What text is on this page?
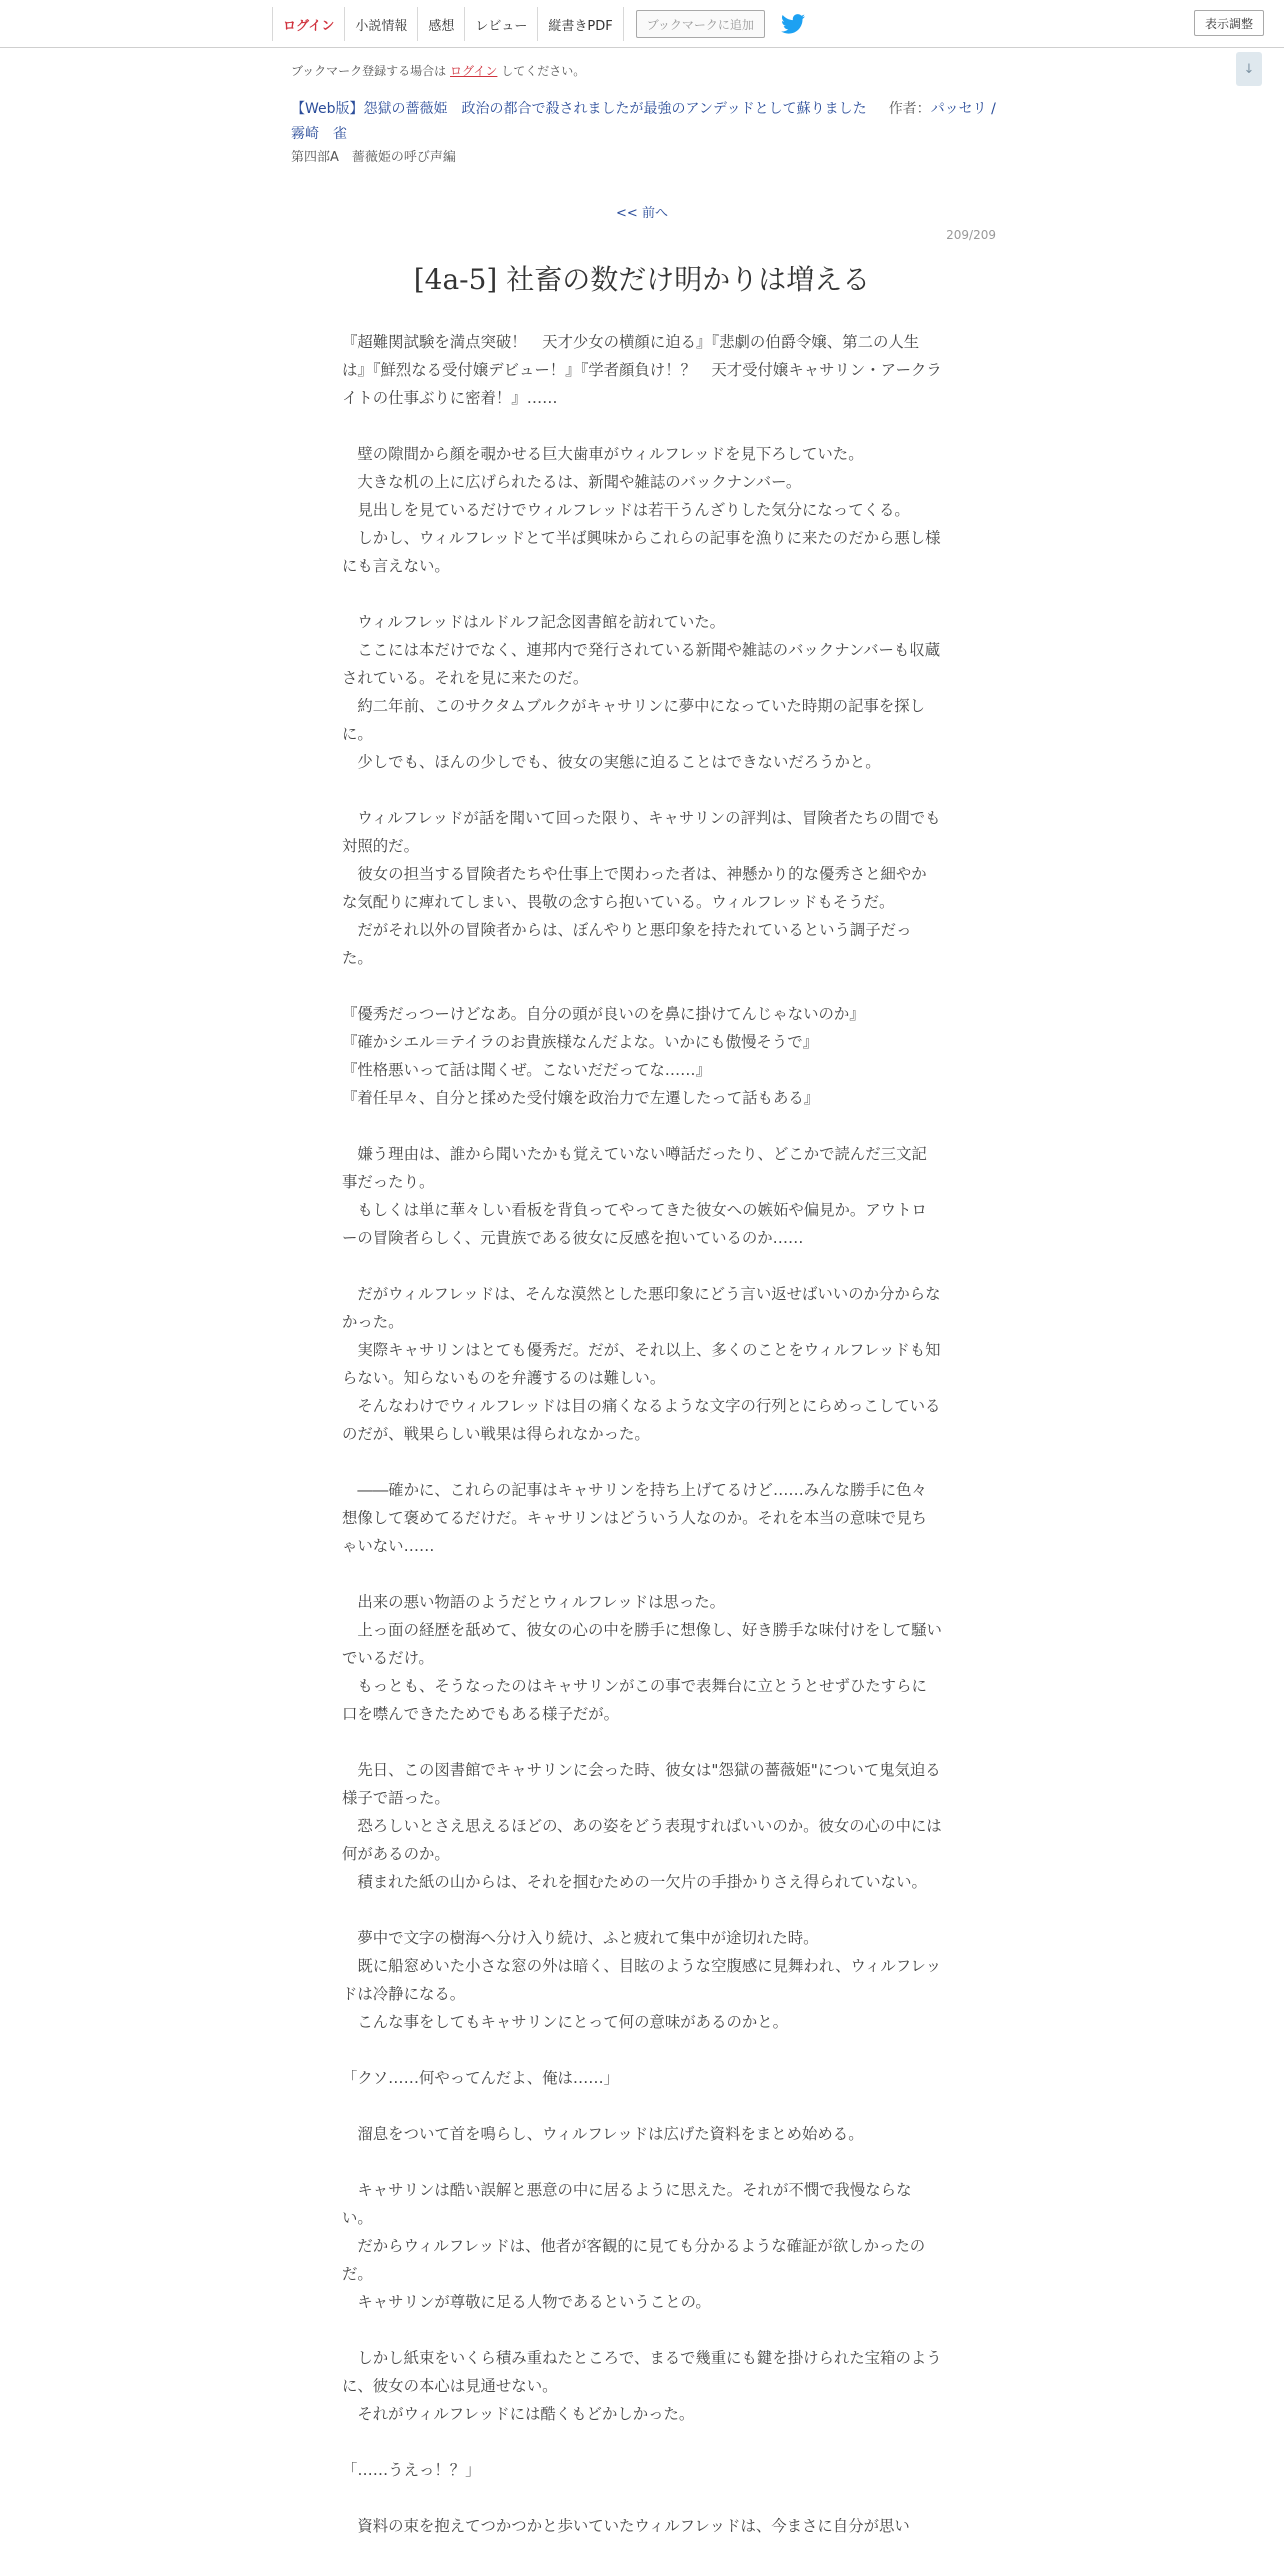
ログイン	小説情報	感想	レビュー	縦書きPDF	ブックマークに追加	表示調整
↓
ブックマーク登録する場合は ログイン してください。
【Web版】怨獄の薔薇姫　政治の都合で殺されましたが最強のアンデッドとして蘇りました 作者：パッセリ / 霧崎　雀
第四部A　薔薇姫の呼び声編
<< 前へ
209/209
[4a-5] 社畜の数だけ明かりは増える

『超難関試験を満点突破！　天才少女の横顔に迫る』『悲劇の伯爵令嬢、第二の人生は』『鮮烈なる受付嬢デビュー！』『学者顔負け！？　天才受付嬢キャサリン・アークライトの仕事ぶりに密着！』……

　壁の隙間から顔を覗かせる巨大歯車がウィルフレッドを見下ろしていた。

　大きな机の上に広げられたるは、新聞や雑誌のバックナンバー。

　見出しを見ているだけでウィルフレッドは若干うんざりした気分になってくる。

　しかし、ウィルフレッドとて半ば興味からこれらの記事を漁りに来たのだから悪し様にも言えない。

　ウィルフレッドはルドルフ記念図書館を訪れていた。

　ここには本だけでなく、連邦内で発行されている新聞や雑誌のバックナンバーも収蔵されている。それを見に来たのだ。

　約二年前、このサクタムブルクがキャサリンに夢中になっていた時期の記事を探しに。

　少しでも、ほんの少しでも、彼女の実態に迫ることはできないだろうかと。

　ウィルフレッドが話を聞いて回った限り、キャサリンの評判は、冒険者たちの間でも対照的だ。

　彼女の担当する冒険者たちや仕事上で関わった者は、神懸かり的な優秀さと細やかな気配りに痺れてしまい、畏敬の念すら抱いている。ウィルフレッドもそうだ。

　だがそれ以外の冒険者からは、ぼんやりと悪印象を持たれているという調子だった。

『優秀だっつーけどなあ。自分の頭が良いのを鼻に掛けてんじゃないのか』

『確かシエル＝テイラのお貴族様なんだよな。いかにも傲慢そうで』

『性格悪いって話は聞くぜ。こないだだってな……』

『着任早々、自分と揉めた受付嬢を政治力で左遷したって話もある』

　嫌う理由は、誰から聞いたかも覚えていない噂話だったり、どこかで読んだ三文記事だったり。

　もしくは単に華々しい看板を背負ってやってきた彼女への嫉妬や偏見か。アウトローの冒険者らしく、元貴族である彼女に反感を抱いているのか……

　だがウィルフレッドは、そんな漠然とした悪印象にどう言い返せばいいのか分からなかった。

　実際キャサリンはとても優秀だ。だが、それ以上、多くのことをウィルフレッドも知らない。知らないものを弁護するのは難しい。

　そんなわけでウィルフレッドは目の痛くなるような文字の行列とにらめっこしているのだが、戦果らしい戦果は得られなかった。

　――確かに、これらの記事はキャサリンを持ち上げてるけど……みんな勝手に色々想像して褒めてるだけだ。キャサリンはどういう人なのか。それを本当の意味で見ちゃいない……

　出来の悪い物語のようだとウィルフレッドは思った。

　上っ面の経歴を舐めて、彼女の心の中を勝手に想像し、好き勝手な味付けをして騒いでいるだけ。

　もっとも、そうなったのはキャサリンがこの事で表舞台に立とうとせずひたすらに口を噤んできたためでもある様子だが。

　先日、この図書館でキャサリンに会った時、彼女は"怨獄の薔薇姫"について鬼気迫る様子で語った。

　恐ろしいとさえ思えるほどの、あの姿をどう表現すればいいのか。彼女の心の中には何があるのか。

　積まれた紙の山からは、それを掴むための一欠片の手掛かりさえ得られていない。

　夢中で文字の樹海へ分け入り続け、ふと疲れて集中が途切れた時。

　既に船窓めいた小さな窓の外は暗く、目眩のような空腹感に見舞われ、ウィルフレッドは冷静になる。

　こんな事をしてもキャサリンにとって何の意味があるのかと。

「クソ……何やってんだよ、俺は……」

　溜息をついて首を鳴らし、ウィルフレッドは広げた資料をまとめ始める。

　キャサリンは酷い誤解と悪意の中に居るように思えた。それが不憫で我慢ならない。

　だからウィルフレッドは、他者が客観的に見ても分かるような確証が欲しかったのだ。

　キャサリンが尊敬に足る人物であるということの。

　しかし紙束をいくら積み重ねたところで、まるで幾重にも鍵を掛けられた宝箱のように、彼女の本心は見通せない。

　それがウィルフレッドには酷くもどかしかった。

「……うえっ！？」

　資料の束を抱えてつかつかと歩いていたウィルフレッドは、今まさに自分が思い
